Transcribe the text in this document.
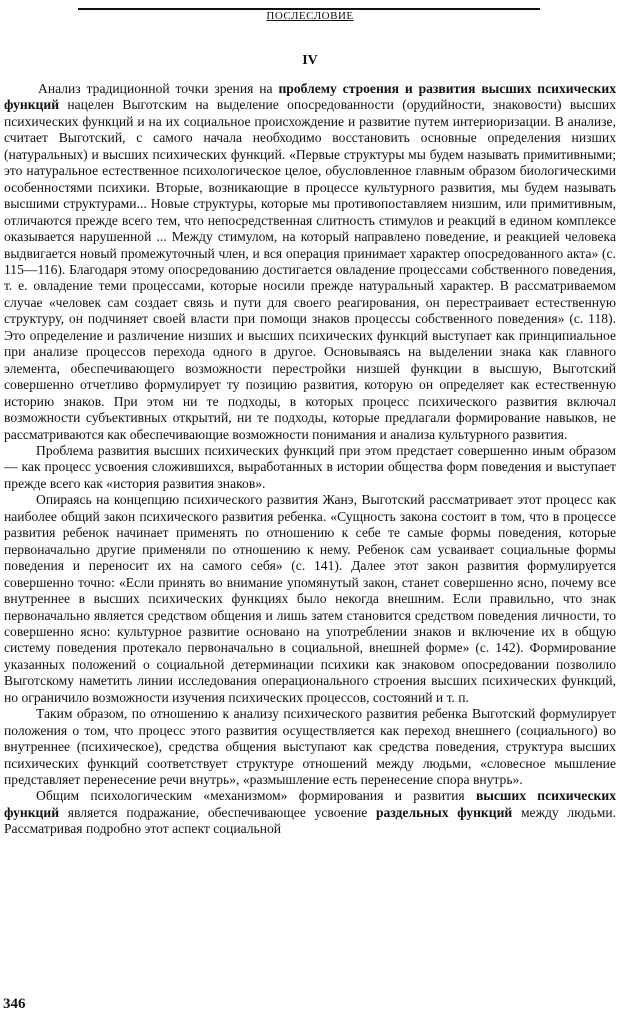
ПОСЛЕСЛОВИЕ
IV

Анализ традиционной точки зрения на проблему строения и развития высших психических функций нацелен Выготским на выделение опосредованности (орудийности, знаковости) высших психических функций и на их социальное происхождение и развитие путем интериоризации. В анализе, считает Выготский, с самого начала необходимо восстановить основные определения низших (натуральных) и высших психических функций. «Первые структуры мы будем называть примитивными; это натуральное естественное психологическое целое, обусловленное главным образом биологическими особенностями психики. Вторые, возникающие в процессе культурного развития, мы будем называть высшими структурами... Новые структуры, которые мы противопоставляем низшим, или примитивным, отличаются прежде всего тем, что непосредственная слитность стимулов и реакций в едином комплексе оказывается нарушенной ... Между стимулом, на который направлено поведение, и реакцией человека выдвигается новый промежуточный член, и вся операция принимает характер опосредованного акта» (с. 115—116). Благодаря этому опосредованию достигается овладение процессами собственного поведения, т. е. овладение теми процессами, которые носили прежде натуральный характер. В рассматриваемом случае «человек сам создает связь и пути для своего реагирования, он перестраивает естественную структуру, он подчиняет своей власти при помощи знаков процессы собственного поведения» (с. 118). Это определение и различение низших и высших психических функций выступает как принципиальное при анализе процессов перехода одного в другое. Основываясь на выделении знака как главного элемента, обеспечивающего возможности перестройки низшей функции в высшую, Выготский совершенно отчетливо формулирует ту позицию развития, которую он определяет как естественную историю знаков. При этом ни те подходы, в которых процесс психического развития включал возможности субъективных открытий, ни те подходы, которые предлагали формирование навыков, не рассматриваются как обеспечивающие возможности понимания и анализа культурного развития.

Проблема развития высших психических функций при этом предстает совершенно иным образом — как процесс усвоения сложившихся, выработанных в истории общества форм поведения и выступает прежде всего как «история развития знаков».

Опираясь на концепцию психического развития Жанэ, Выготский рассматривает этот процесс как наиболее общий закон психического развития ребенка. «Сущность закона состоит в том, что в процессе развития ребенок начинает применять по отношению к себе те самые формы поведения, которые первоначально другие применяли по отношению к нему. Ребенок сам усваивает социальные формы поведения и переносит их на самого себя» (с. 141). Далее этот закон развития формулируется совершенно точно: «Если принять во внимание упомянутый закон, станет совершенно ясно, почему все внутреннее в высших психических функциях было некогда внешним. Если правильно, что знак первоначально является средством общения и лишь затем становится средством поведения личности, то совершенно ясно: культурное развитие основано на употреблении знаков и включение их в общую систему поведения протекало первоначально в социальной, внешней форме» (с. 142). Формирование указанных положений о социальной детерминации психики как знаковом опосредовании позволило Выготскому наметить линии исследования операционального строения высших психических функций, но ограничило возможности изучения психических процессов, состояний и т. п.

Таким образом, по отношению к анализу психического развития ребенка Выготский формулирует положения о том, что процесс этого развития осуществляется как переход внешнего (социального) во внутреннее (психическое), средства общения выступают как средства поведения, структура высших психических функций соответствует структуре отношений между людьми, «словесное мышление представляет перенесение речи внутрь», «размышление есть перенесение спора внутрь».

Общим психологическим «механизмом» формирования и развития высших психических функций является подражание, обеспечивающее усвоение раздельных функций между людьми. Рассматривая подробно этот аспект социальной

346
